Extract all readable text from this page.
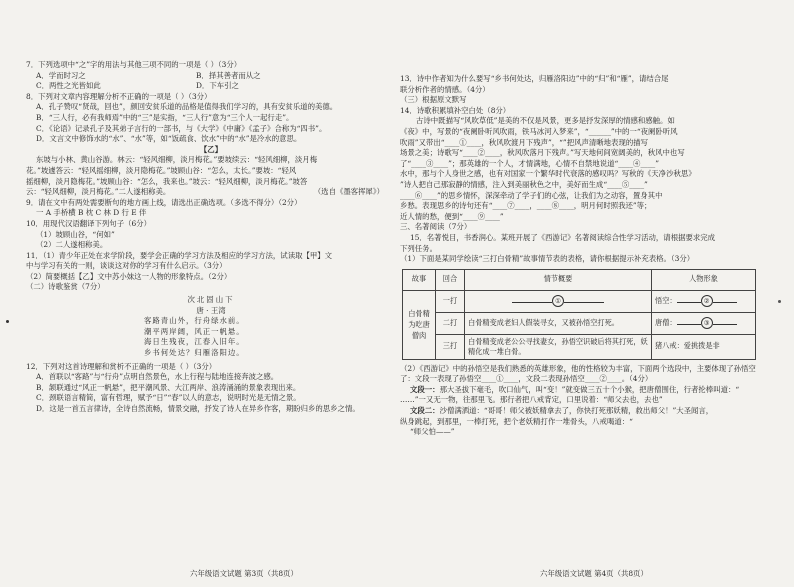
7．下列选项中“之”字的用法与其他三项不同的一项是（ ）（3分）
A．学而时习之	B．择其善者而从之
C．两性之光皆如此	D．下车引之
8．下列对文章内容理解分析不正确的一项是（ ）（3分）
A．孔子赞叹“贤哉，回也”，颜回安贫乐道的品格是值得我们学习的，具有安贫乐道的美德。
B．“三人行，必有我师焉”中的“三”是实指，“三人行”意为“三个人一起行走”。
C．《论语》记录孔子及其弟子言行的一部书，与《大学》《中庸》《孟子》合称为“四书”。
D．文言文中修饰水的“水”、“水”等，如“饭疏食、饮水”中的“水”是冷水的意思。
【乙】
东坡与小林、黄山谷游。林云：“轻风细柳，淡月梅花。”要坡续云：“轻风细柳，淡月梅
花。”坡遽答云：“轻风摇细柳，淡月隐梅花。”坡顾山谷：“怎么，太长。”要坡：“轻风
摇细柳，淡月隐梅花。”坡顾山谷：“怎么，我来也。”坡云：“轻风细柳，淡月梅花。”坡答
云：“轻风细柳，淡月梅花。”二人遂相称美。	（选自《墨客挥犀》）
9．请在文中有两处需要断句的地方画上线，请选出正确选项。（多选不得分）（2分）
一 A 手桥横 B 枕 C 林 D 行 E 伴
10．用现代汉语翻译下列句子（6分）
（1）坡顾山谷，“何如”
（2）二人遂相称美。
11．（1）青少年正处在求学阶段，要学会正确的学习方法及相应的学习方法，试读取【甲】文
中与学习有关的一则，谈谈这对你的学习有什么启示。（3分）
（2）简要概括【乙】文中苏小妹这一人物的形象特点。（2分）
（二）诗歌鉴赏（7分）
次北固山下
唐 · 王湾
客路青山外，行舟绿水前。
潮平两岸阔，风正一帆悬。
海日生残夜，江春入旧年。
乡书何处达？归雁洛阳边。
12．下列对这首诗理解和赏析不正确的一项是（ ）（3分）
A．首联以“客路”与“行舟”点明自然景色，水上行程与陆地连接奔波之感。
B．颔联通过“风正一帆悬”，把平潮风景、大江两岸、浪涛涌涌的景象表现出来。
C．颈联语言精简，富有哲理，赋予“日”“春”以人的意志，说明时光是无情之景。
D．这是一首五言律诗，全诗自然流畅，情景交融，抒发了诗人在异乡作客，期盼归乡的思乡之情。
六年级语文试题 第3页（共8页）
13．诗中作者知为什么要写“乡书何处达，归雁洛阳边”中的“归”和“雁”，请结合尾
联分析作者的情感。（4分）
（三）根据原文默写
14．诗歌积累填补空白处（8分）
古诗中既描写“风吹草低”是美的不仅是风景，更多是抒发深厚的情感和感触。如
《夜》中，写景的“夜阑卧听风吹雨，铁马冰河入梦来”，“______”中的一“夜阑卧听风
吹雨”又带出“____①____，秋风吹渡月下残声”，“”把风声清晰地表现的描写
场景之美；诗歌写“____②____，秋风吹落月下残声。”写天地何间宽阔美的，秋风中也写
了“____③____”；那英雄的一个人，才情满地，心情不自禁地说道“____④____”
水中，那与个人身世之感，也有对国家一个繁华时代衰落的感叹吗？写秋的《天净沙秋思》
”诗人把自己那寂静的情感，注入到美丽秋色之中，美好而生成“____⑤____”
____⑥____”的思乡情怀，深深牵动了学子们的心弦，让我们为之动容，置身其中
乡愁。表现思乡的诗句还有“____⑦____，____⑧____，明月何时照我还”等；
近人情的愁，便到“____⑨____”
三、名著阅读（7分）
15．名著悦目，书香润心。某班开展了《西游记》名著阅读综合性学习活动，请根据要求完成
下列任务。
（1）下面是某同学绘读“三打白骨精”故事情节表的表格，请你根据提示补充表格。（3分）
故事	回合	情节概要	人物形象
白骨精为吃唐僧肉	一打	①	悟空： ②
	二打	白骨精变成老妇人假装寻女，又被孙悟空打死。	唐僧： ③
	三打	白骨精变成老公公寻找妻女，孙悟空识破后将其打死，妖精化成一堆白骨。	猪八戒：爱挑拨是非
（2）《西游记》中的孙悟空是我们熟悉的英雄形象，他的性格较为丰富，下面两个选段中，主要体现了孙悟空
了：文段一表现了孙悟空____①____，文段二表现孙悟空____②____。（4分）
文段一：那大圣拔下毫毛，吹口仙气，叫“变！”就变做三五十个小猴，把唐僧围住，行者抡棒叫道：“
……”一又无一物，往那里飞。那行者把八戒背定，口里说着：“师父去也，去也”
文段二：沙僧满洒道：“哥哥！师父被妖精拿去了，你快打死那妖精，救出师父！”大圣闻言，
纵身跳起，到那里，一棒打死，把个老妖精打作一堆骨头，八戒喝道：“
“师父怕——”
六年级语文试题 第4页（共8页）
